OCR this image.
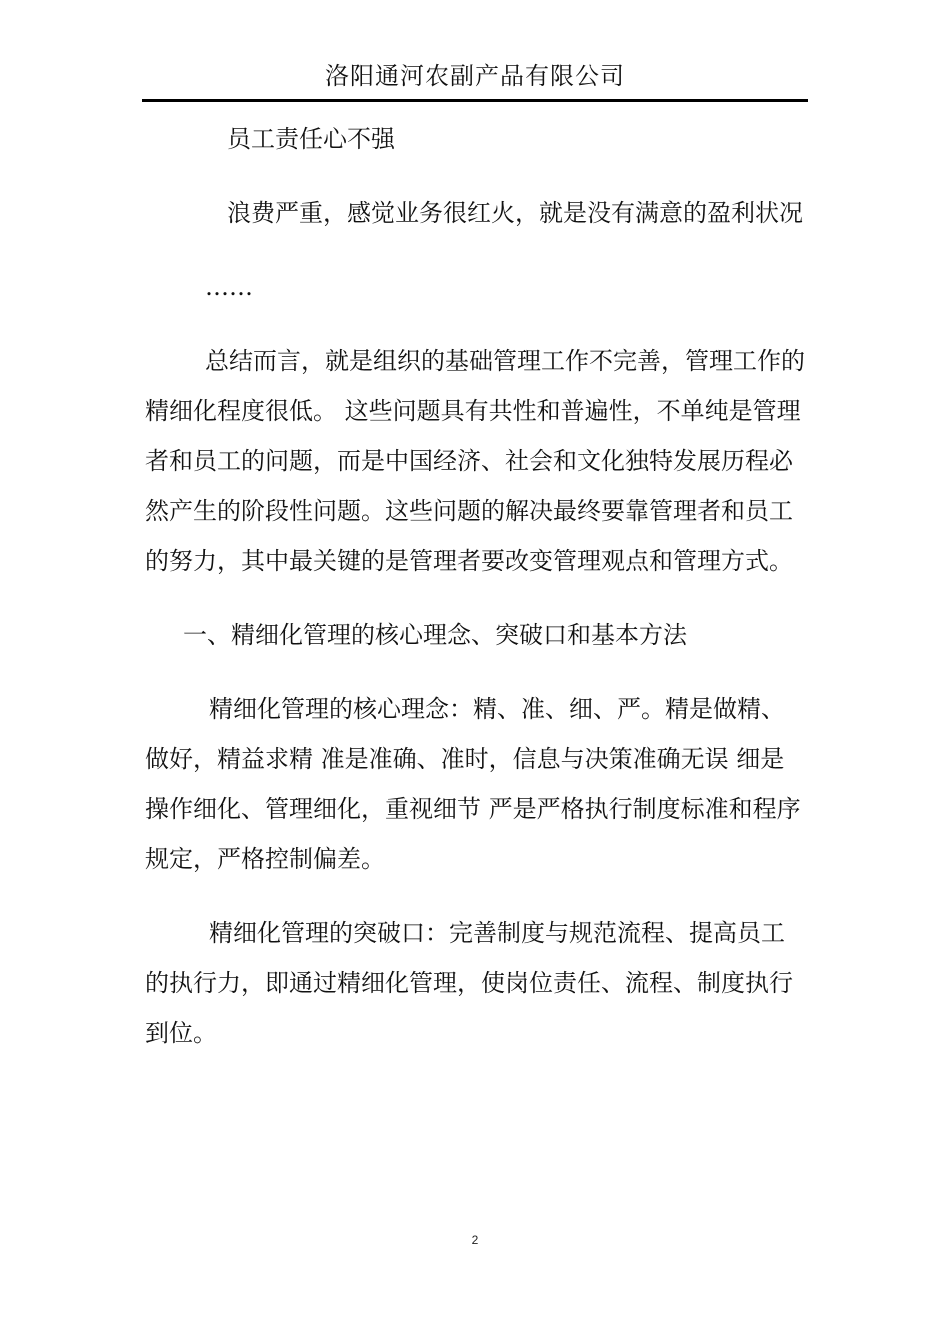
洛阳通河农副产品有限公司

员工责任心不强

浪费严重，感觉业务很红火，就是没有满意的盈利状况

……

总结而言，就是组织的基础管理工作不完善，管理工作的精细化程度很低。 这些问题具有共性和普遍性，不单纯是管理者和员工的问题，而是中国经济、社会和文化独特发展历程必然产生的阶段性问题。这些问题的解决最终要靠管理者和员工的努力，其中最关键的是管理者要改变管理观点和管理方式。

一、精细化管理的核心理念、突破口和基本方法

精细化管理的核心理念：精、准、细、严。精是做精、做好，精益求精 准是准确、准时，信息与决策准确无误 细是操作细化、管理细化，重视细节 严是严格执行制度标准和程序规定，严格控制偏差。

精细化管理的突破口：完善制度与规范流程、提高员工的执行力，即通过精细化管理，使岗位责任、流程、制度执行到位。

2
